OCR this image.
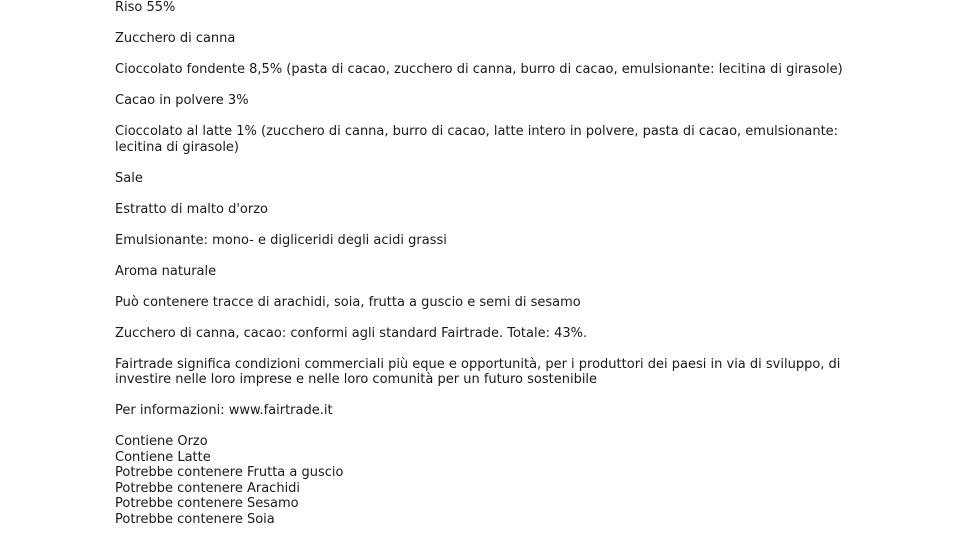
Riso 55%

Zucchero di canna

Cioccolato fondente 8,5% (pasta di cacao, zucchero di canna, burro di cacao, emulsionante: lecitina di girasole)

Cacao in polvere 3%

Cioccolato al latte 1% (zucchero di canna, burro di cacao, latte intero in polvere, pasta di cacao, emulsionante: lecitina di girasole)

Sale

Estratto di malto d'orzo

Emulsionante: mono- e digliceridi degli acidi grassi

Aroma naturale

Può contenere tracce di arachidi, soia, frutta a guscio e semi di sesamo

Zucchero di canna, cacao: conformi agli standard Fairtrade. Totale: 43%.

Fairtrade significa condizioni commerciali più eque e opportunità, per i produttori dei paesi in via di sviluppo, di investire nelle loro imprese e nelle loro comunità per un futuro sostenibile

Per informazioni: www.fairtrade.it

Contiene Orzo
Contiene Latte
Potrebbe contenere Frutta a guscio
Potrebbe contenere Arachidi
Potrebbe contenere Sesamo
Potrebbe contenere Soia
